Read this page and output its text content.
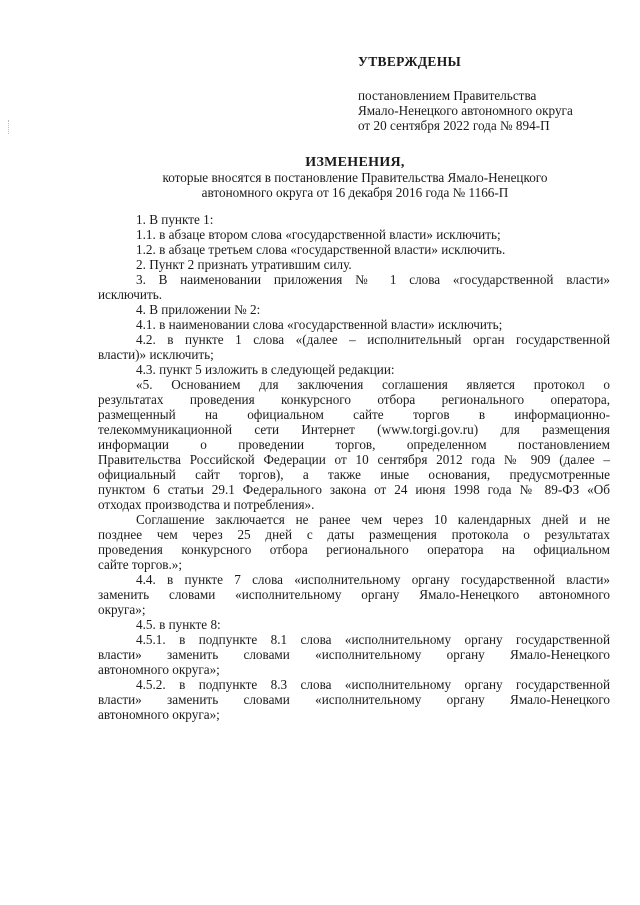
УТВЕРЖДЕНЫ
постановлением Правительства
Ямало-Ненецкого автономного округа
от 20 сентября 2022 года № 894-П
ИЗМЕНЕНИЯ,
которые вносятся в постановление Правительства Ямало-Ненецкого
автономного округа от 16 декабря 2016 года № 1166-П

1. В пункте 1:

1.1. в абзаце втором слова «государственной власти» исключить;

1.2. в абзаце третьем слова «государственной власти» исключить.

2. Пункт 2 признать утратившим силу.

3. В наименовании приложения № 1 слова «государственной власти»
исключить.

4. В приложении № 2:

4.1. в наименовании слова «государственной власти» исключить;

4.2. в пункте 1 слова «(далее – исполнительный орган государственной
власти)» исключить;

4.3. пункт 5 изложить в следующей редакции:

«5. Основанием для заключения соглашения является протокол о
результатах проведения конкурсного отбора регионального оператора,
размещенный на официальном сайте торгов в информационно-
телекоммуникационной сети Интернет (www.torgi.gov.ru) для размещения
информации о проведении торгов, определенном постановлением
Правительства Российской Федерации от 10 сентября 2012 года № 909 (далее –
официальный сайт торгов), а также иные основания, предусмотренные
пунктом 6 статьи 29.1 Федерального закона от 24 июня 1998 года № 89-ФЗ «Об
отходах производства и потребления».

Соглашение заключается не ранее чем через 10 календарных дней и не
позднее чем через 25 дней с даты размещения протокола о результатах
проведения конкурсного отбора регионального оператора на официальном
сайте торгов.»;

4.4. в пункте 7 слова «исполнительному органу государственной власти»
заменить словами «исполнительному органу Ямало-Ненецкого автономного
округа»;

4.5. в пункте 8:

4.5.1. в подпункте 8.1 слова «исполнительному органу государственной
власти» заменить словами «исполнительному органу Ямало-Ненецкого
автономного округа»;

4.5.2. в подпункте 8.3 слова «исполнительному органу государственной
власти» заменить словами «исполнительному органу Ямало-Ненецкого
автономного округа»;
